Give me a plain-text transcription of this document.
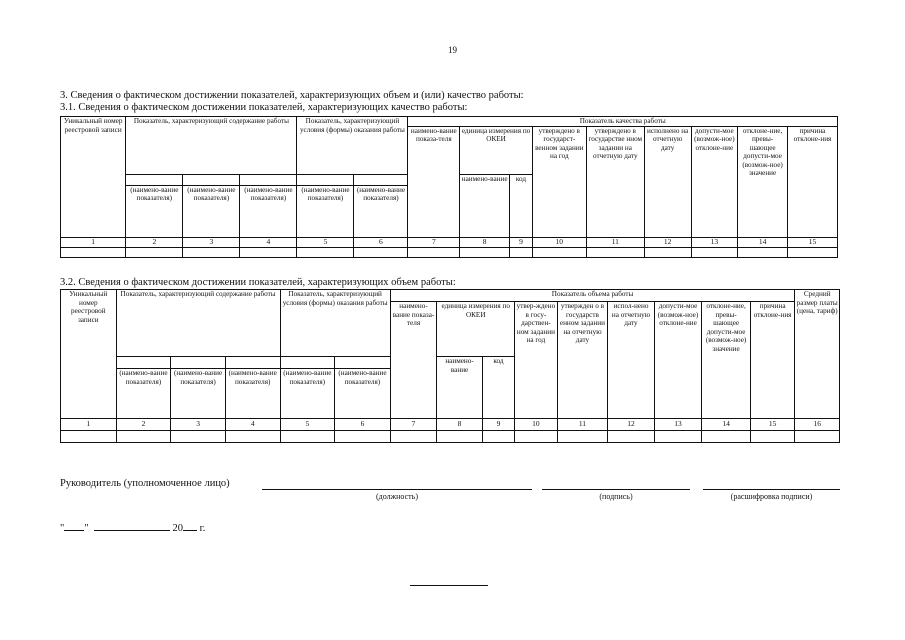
19
3. Сведения о фактическом достижении показателей, характеризующих объем и (или) качество работы:
3.1. Сведения о фактическом достижении показателей, характеризующих качество работы:
Уникальный номер реестровой записи	Показатель, характеризующий содержание работы			Показатель, характеризующий условия (формы) оказания работы		Показатель качества работы								
						наимено-вание показа-теля	единица измерения по ОКЕИ		утверждено в государст-венном задании на год	утверждено в государстве нном задании на отчетную дату	исполнено на отчетную дату	допусти-мое (возмож-ное) отклоне-ние	отклоне-ние, превы-шающее допусти-мое (возмож-ное) значение	причина отклоне-ния
							наимено-вание	код						
	(наимено-вание показателя)	(наимено-вание показателя)	(наимено-вание показателя)	(наимено-вание показателя)	(наимено-вание показателя)									
1	2	3	4	5	6	7	8	9	10	11	12	13	14	15

3.2. Сведения о фактическом достижении показателей, характеризующих объем работы:
Уникальный номер реестровой записи	Показатель, характеризующий содержание работы			Показатель, характеризующий условия (формы) оказания работы		Показатель объема работы									Средний размер платы (цена, тариф)
						наимено-вание показа-теля	единица измерения по ОКЕИ		утвер-ждено в госу-дарствен-ном задании на год	утвержден о в государств енном задании на отчетную дату	испол-нено на отчетную дату	допусти-мое (возмож-ное) отклоне-ние	отклоне-ние, превы-шающее допусти-мое (возмож-ное) значение	причина отклоне-ния	
							наимено-вание	код							
	(наимено-вание показателя)	(наимено-вание показателя)	(наимено-вание показателя)	(наимено-вание показателя)	(наимено-вание показателя)										
1	2	3	4	5	6	7	8	9	10	11	12	13	14	15	16

Руководитель (уполномоченное лицо)
(должность)	(подпись)	(расшифровка подписи)
" "	20 г.
